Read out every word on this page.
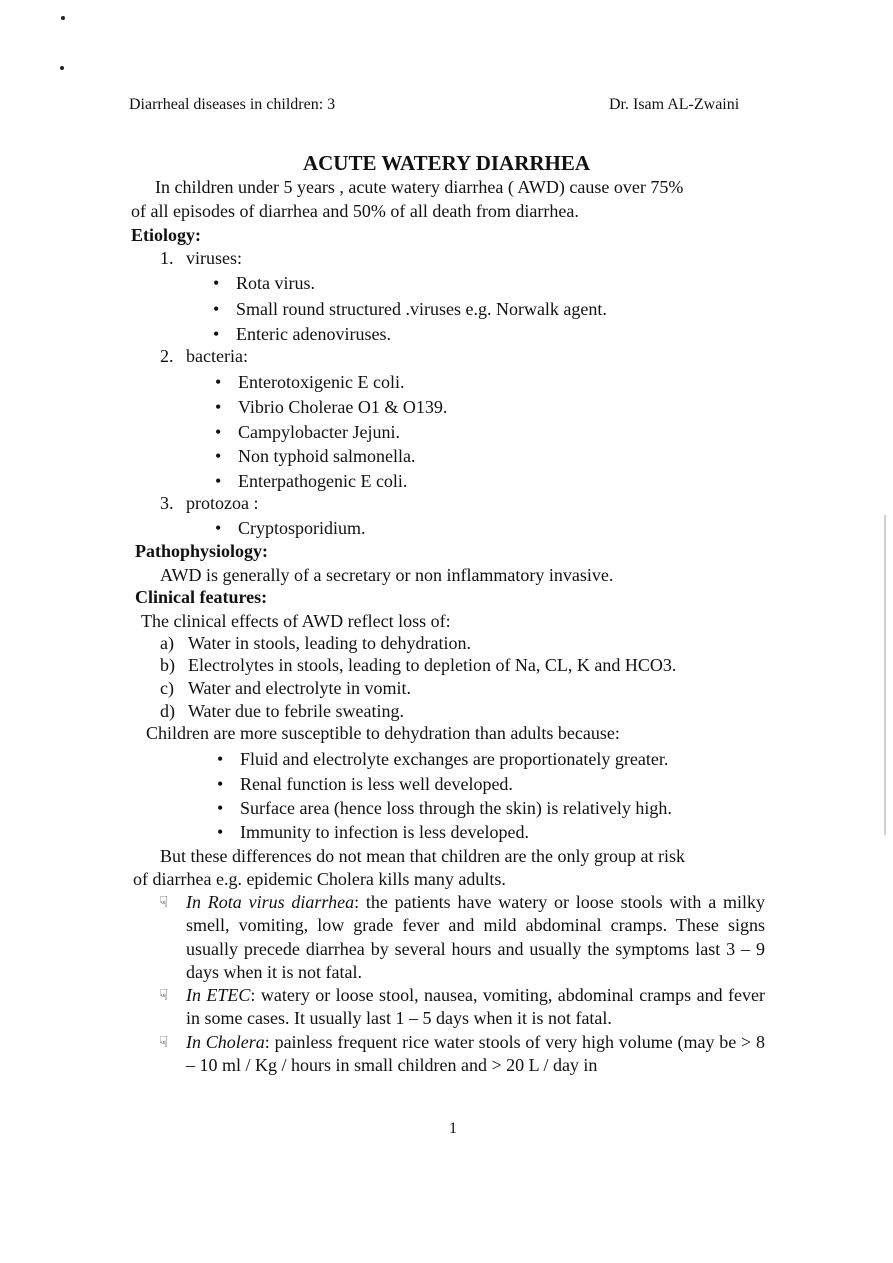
Diarrheal diseases in children: 3	Dr. Isam AL-Zwaini
ACUTE WATERY DIARRHEA
In children under 5 years , acute watery diarrhea ( AWD) cause over 75%
of all episodes of diarrhea and 50% of all death from diarrhea.
Etiology:
1. viruses:
• Rota virus.
• Small round structured .viruses e.g. Norwalk agent.
• Enteric adenoviruses.
2. bacteria:
• Enterotoxigenic E coli.
• Vibrio Cholerae O1 & O139.
• Campylobacter Jejuni.
• Non typhoid salmonella.
• Enterpathogenic E coli.
3. protozoa :
• Cryptosporidium.
Pathophysiology:
AWD is generally of a secretary or non inflammatory invasive.
Clinical features:
The clinical effects of AWD reflect loss of:
a) Water in stools, leading to dehydration.
b) Electrolytes in stools, leading to depletion of Na, CL, K and HCO3.
c) Water and electrolyte in vomit.
d) Water due to febrile sweating.
Children are more susceptible to dehydration than adults because:
• Fluid and electrolyte exchanges are proportionately greater.
• Renal function is less well developed.
• Surface area (hence loss through the skin) is relatively high.
• Immunity to infection is less developed.
But these differences do not mean that children are the only group at risk
of diarrhea e.g. epidemic Cholera kills many adults.
☟ In Rota virus diarrhea: the patients have watery or loose stools with a milky smell, vomiting, low grade fever and mild abdominal cramps. These signs usually precede diarrhea by several hours and usually the symptoms last 3 – 9 days when it is not fatal.
☟ In ETEC: watery or loose stool, nausea, vomiting, abdominal cramps and fever in some cases. It usually last 1 – 5 days when it is not fatal.
☟ In Cholera: painless frequent rice water stools of very high volume (may be > 8 – 10 ml / Kg / hours in small children and > 20 L / day in
1
